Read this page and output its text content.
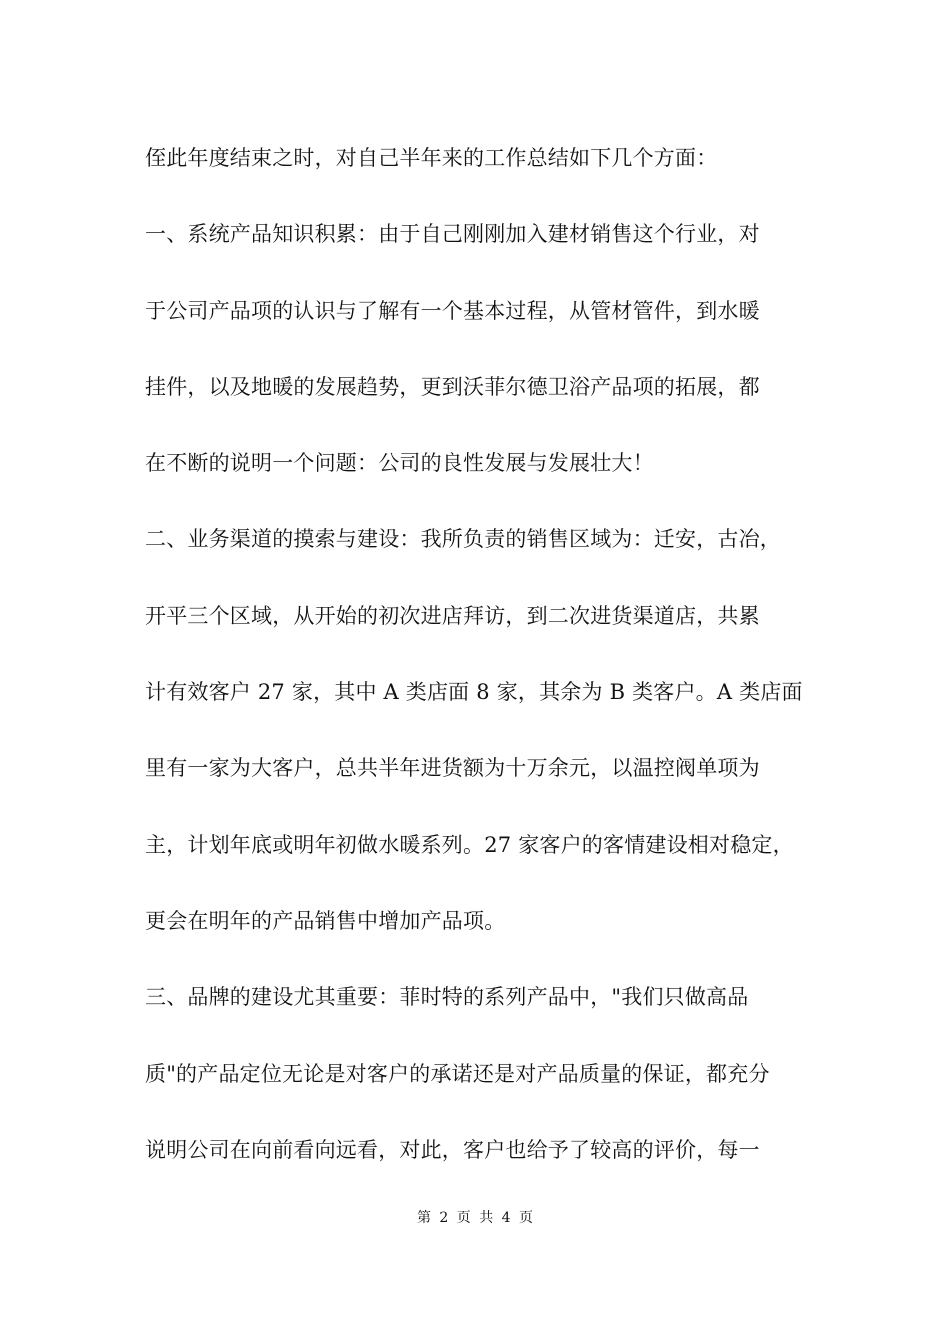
侄此年度结束之时，对自己半年来的工作总结如下几个方面：
一、系统产品知识积累：由于自己刚刚加入建材销售这个行业，对
于公司产品项的认识与了解有一个基本过程，从管材管件，到水暖
挂件，以及地暖的发展趋势，更到沃菲尔德卫浴产品项的拓展，都
在不断的说明一个问题：公司的良性发展与发展壮大！
二、业务渠道的摸索与建设：我所负责的销售区域为：迁安，古冶，
开平三个区域，从开始的初次进店拜访，到二次进货渠道店，共累
计有效客户 27 家，其中 A 类店面 8 家，其余为 B 类客户。A 类店面
里有一家为大客户，总共半年进货额为十万余元，以温控阀单项为
主，计划年底或明年初做水暖系列。27 家客户的客情建设相对稳定，
更会在明年的产品销售中增加产品项。
三、品牌的建设尤其重要：菲时特的系列产品中，"我们只做高品
质"的产品定位无论是对客户的承诺还是对产品质量的保证，都充分
说明公司在向前看向远看，对此，客户也给予了较高的评价，每一
第 2 页 共 4 页
